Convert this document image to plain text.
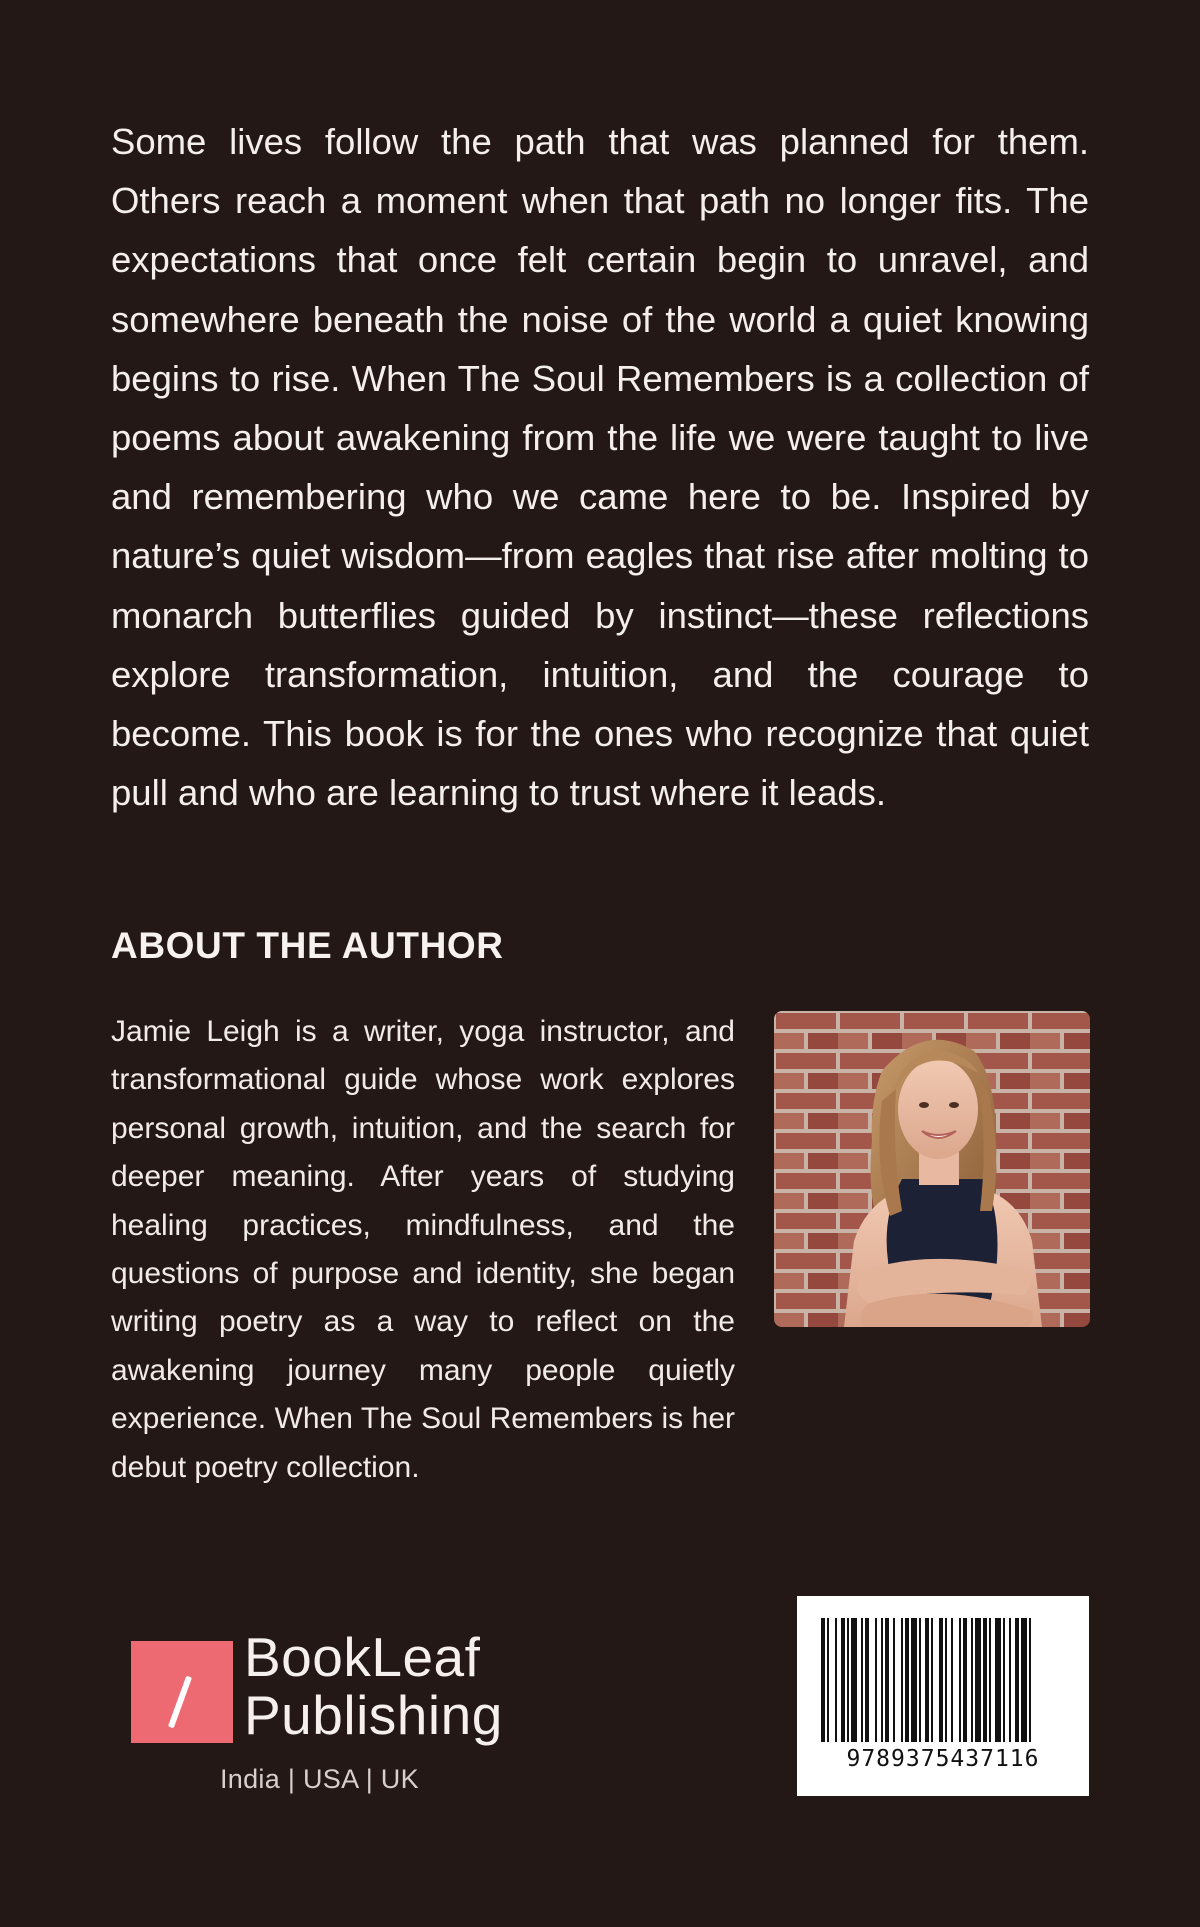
Some lives follow the path that was planned for them. Others reach a moment when that path no longer fits. The expectations that once felt certain begin to unravel, and somewhere beneath the noise of the world a quiet knowing begins to rise. When The Soul Remembers is a collection of poems about awakening from the life we were taught to live and remembering who we came here to be. Inspired by nature’s quiet wisdom—from eagles that rise after molting to monarch butterflies guided by instinct—these reflections explore transformation, intuition, and the courage to become. This book is for the ones who recognize that quiet pull and who are learning to trust where it leads.

ABOUT THE AUTHOR

Jamie Leigh is a writer, yoga instructor, and transformational guide whose work explores personal growth, intuition, and the search for deeper meaning. After years of studying healing practices, mindfulness, and the questions of purpose and identity, she began writing poetry as a way to reflect on the awakening journey many people quietly experience. When The Soul Remembers is her debut poetry collection.

BookLeaf
Publishing
India | USA | UK
9789375437116
